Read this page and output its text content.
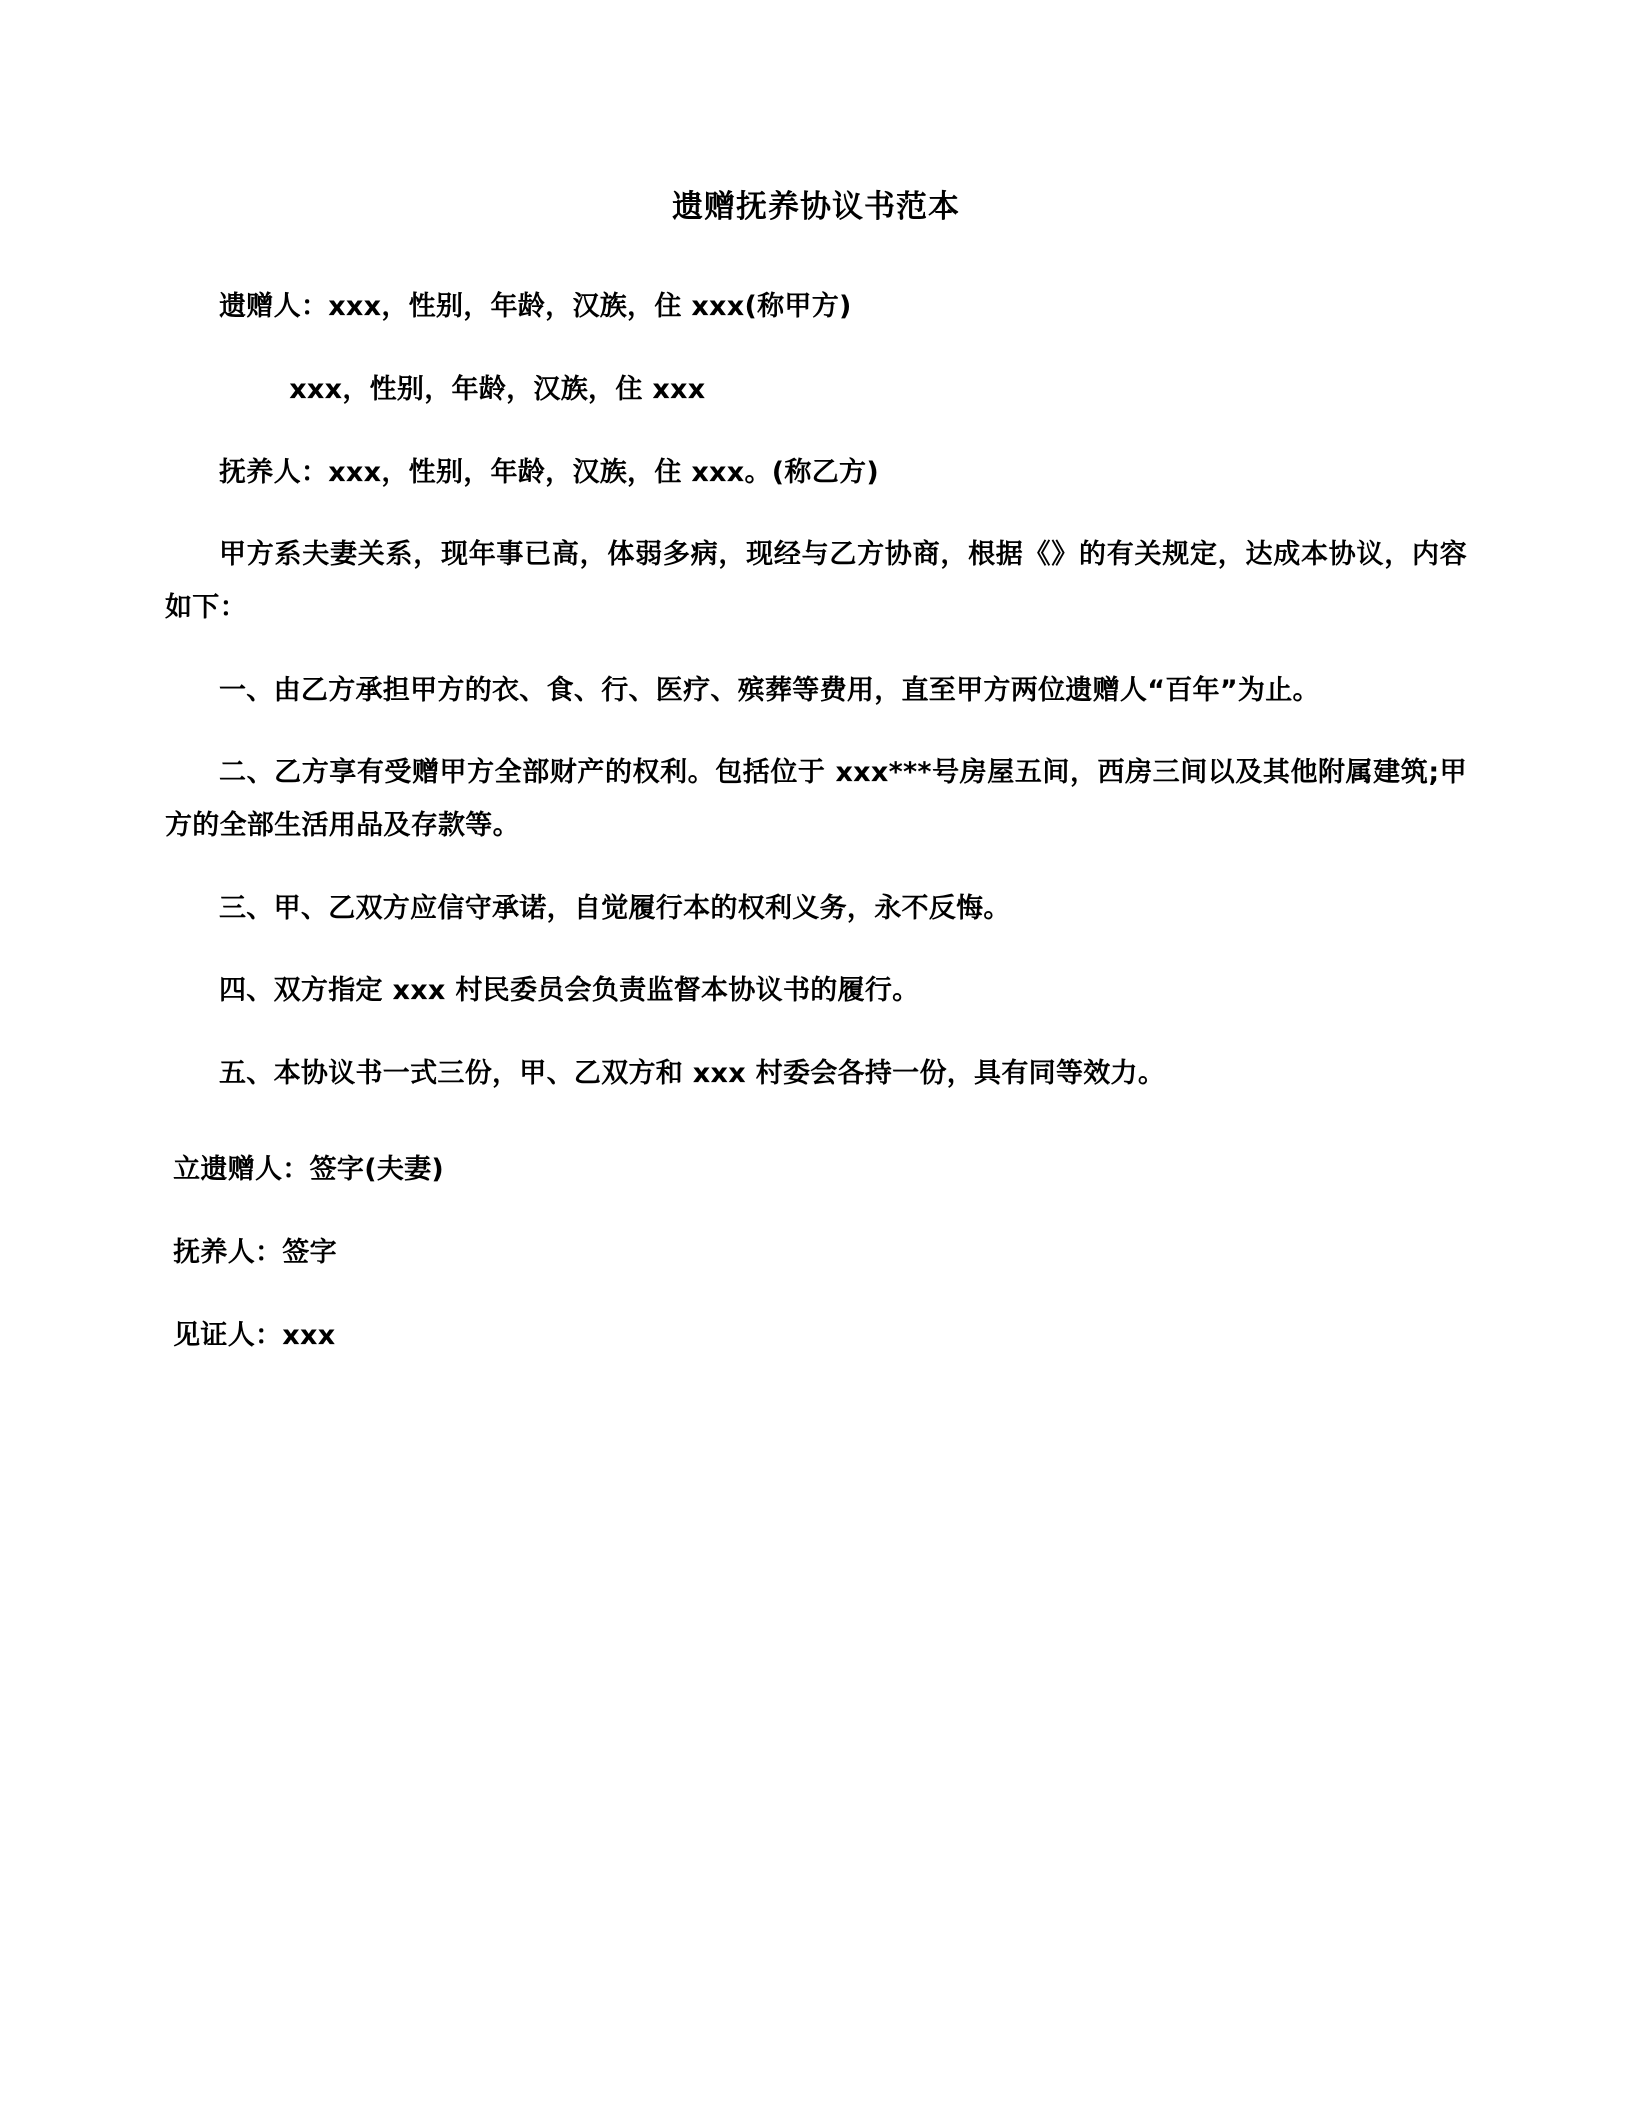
遗赠抚养协议书范本

遗赠人：xxx，性别，年龄，汉族，住 xxx(称甲方)

xxx，性别，年龄，汉族，住 xxx

抚养人：xxx，性别，年龄，汉族，住 xxx。(称乙方)

甲方系夫妻关系，现年事已高，体弱多病，现经与乙方协商，根据《》的有关规定，达成本协议，内容如下：

一、由乙方承担甲方的衣、食、行、医疗、殡葬等费用，直至甲方两位遗赠人“百年”为止。

二、乙方享有受赠甲方全部财产的权利。包括位于 xxx***号房屋五间，西房三间以及其他附属建筑;甲方的全部生活用品及存款等。

三、甲、乙双方应信守承诺，自觉履行本的权利义务，永不反悔。

四、双方指定 xxx 村民委员会负责监督本协议书的履行。

五、本协议书一式三份，甲、乙双方和 xxx 村委会各持一份，具有同等效力。

立遗赠人：签字(夫妻)

抚养人：签字

见证人：xxx
